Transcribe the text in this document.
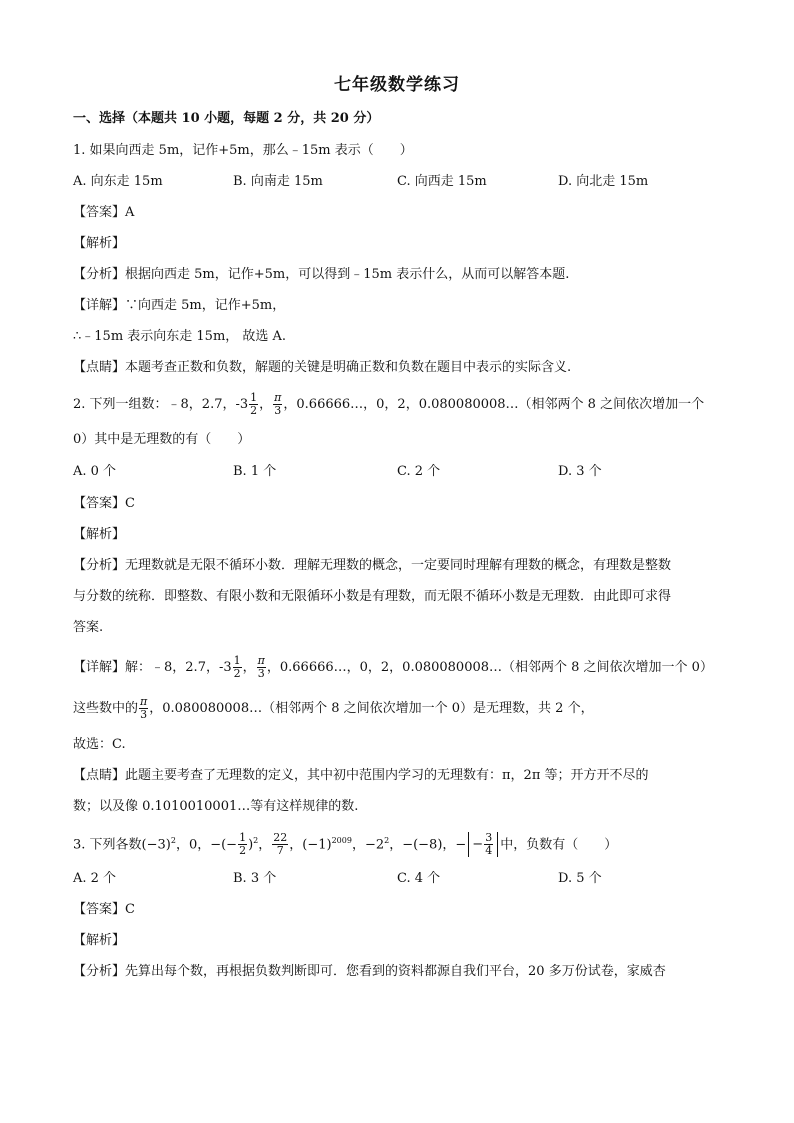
七年级数学练习
一、选择（本题共 10 小题，每题 2 分，共 20 分）
1. 如果向西走 5m，记作+5m，那么﹣15m 表示（　　）
A. 向东走 15m	B. 向南走 15m	C. 向西走 15m	D. 向北走 15m
【答案】A
【解析】
【分析】根据向西走 5m，记作+5m，可以得到﹣15m 表示什么，从而可以解答本题.
【详解】∵向西走 5m，记作+5m，
∴﹣15m 表示向东走 15m， 故选 A.
【点睛】本题考查正数和负数，解题的关键是明确正数和负数在题目中表示的实际含义.
2. 下列一组数：﹣8，2.7，$-3 \frac{1}{2}$ ， $\frac{\pi}{3}$ ，0.66666…，0，2，0.080080008…（相邻两个 8 之间依次增加一个
0）其中是无理数的有（　　）
A. 0 个	B. 1 个	C. 2 个	D. 3 个
【答案】C
【解析】
【分析】无理数就是无限不循环小数．理解无理数的概念，一定要同时理解有理数的概念，有理数是整数
与分数的统称．即整数、有限小数和无限循环小数是有理数，而无限不循环小数是无理数．由此即可求得
答案.
【详解】解：﹣8，2.7，$-3 \frac{1}{2}$ ， $\frac{\pi}{3}$ ，0.66666…，0，2，0.080080008…（相邻两个 8 之间依次增加一个 0）
这些数中的 $\frac{\pi}{3}$ ，0.080080008…（相邻两个 8 之间依次增加一个 0）是无理数，共 2 个，
故选：C.
【点睛】此题主要考查了无理数的定义，其中初中范围内学习的无理数有：π，2π 等；开方开不尽的
数；以及像 0.1010010001…等有这样规律的数.
3. 下列各数$(-3)^2$，0，−(− $\frac{1}{2} )^2$， $\frac{22}{7}$ ，$(-1)^{2009}$，$-2^2$，−(−8)，− − $\frac{3}{4}$ 中，负数有（　　）
A. 2 个	B. 3 个	C. 4 个	D. 5 个
【答案】C
【解析】
【分析】先算出每个数，再根据负数判断即可．您看到的资料都源自我们平台，20 多万份试卷，家威杏
